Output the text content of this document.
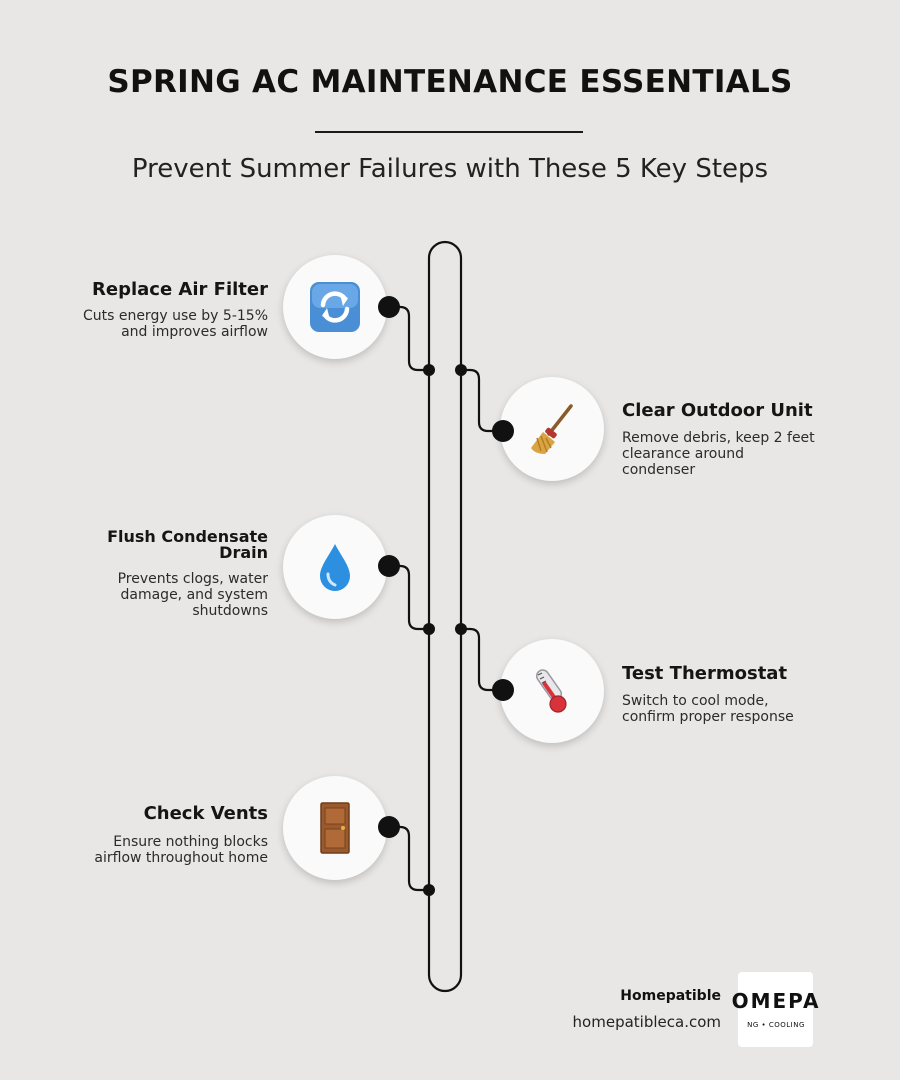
SPRING AC MAINTENANCE ESSENTIALS
Prevent Summer Failures with These 5 Key Steps
Replace Air Filter
Cuts energy use by 5-15%
and improves airflow
Clear Outdoor Unit
Remove debris, keep 2 feet
clearance around
condenser
Flush Condensate
Drain
Prevents clogs, water
damage, and system
shutdowns
Test Thermostat
Switch to cool mode,
confirm proper response
Check Vents
Ensure nothing blocks
airflow throughout home
Homepatible
homepatibleca.com
OMEPA
NG • COOLING
